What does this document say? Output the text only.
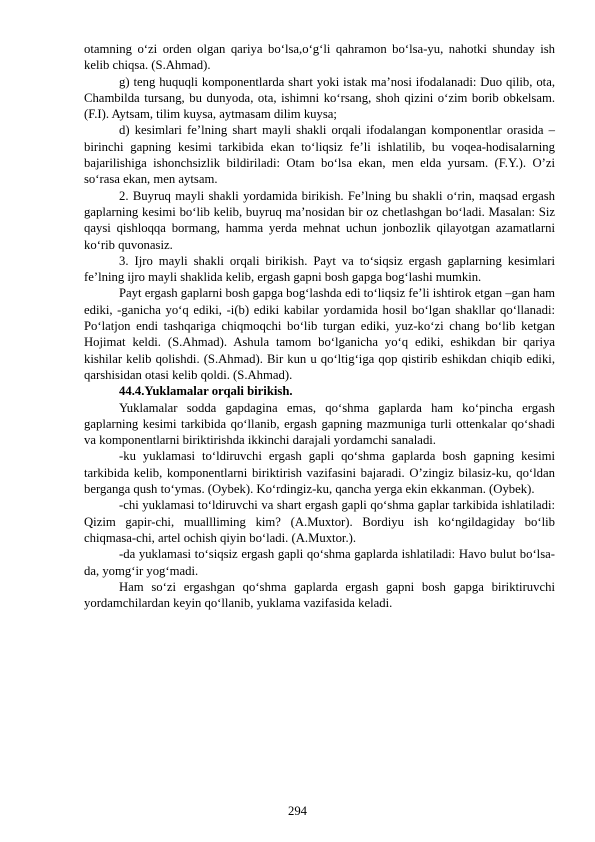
otamning o‘zi orden olgan qariya bo‘lsa,o‘g‘li qahramon bo‘lsa-yu, nahotki shunday ish kelib chiqsa. (S.Ahmad).

g) teng huquqli komponentlarda shart yoki istak ma’nosi ifodalanadi: Duo qilib, ota, Chambilda tursang, bu dunyoda, ota, ishimni ko‘rsang, shoh qizini o‘zim borib obkelsam. (F.I). Aytsam, tilim kuysa, aytmasam dilim kuysa;

d) kesimlari fe’lning shart mayli shakli orqali ifodalangan komponentlar orasida – birinchi gapning kesimi tarkibida ekan to‘liqsiz fe’li ishlatilib, bu voqea-hodisalarning bajarilishiga ishonchsizlik bildiriladi: Otam bo‘lsa ekan, men elda yursam. (F.Y.). O’zi so‘rasa ekan, men aytsam.

2. Buyruq mayli shakli yordamida birikish. Fe’lning bu shakli o‘rin, maqsad ergash gaplarning kesimi bo‘lib kelib, buyruq ma’nosidan bir oz chetlashgan bo‘ladi. Masalan: Siz qaysi qishloqqa bormang, hamma yerda mehnat uchun jonbozlik qilayotgan azamatlarni ko‘rib quvonasiz.

3. Ijro mayli shakli orqali birikish. Payt va to‘siqsiz ergash gaplarning kesimlari fe’lning ijro mayli shaklida kelib, ergash gapni bosh gapga bog‘lashi mumkin.

Payt ergash gaplarni bosh gapga bog‘lashda edi to‘liqsiz fe’li ishtirok etgan –gan ham ediki, -ganicha yo‘q ediki, -i(b) ediki kabilar yordamida hosil bo‘lgan shakllar qo‘llanadi: Po‘latjon endi tashqariga chiqmoqchi bo‘lib turgan ediki, yuz-ko‘zi chang bo‘lib ketgan Hojimat keldi. (S.Ahmad). Ashula tamom bo‘lganicha yo‘q ediki, eshikdan bir qariya kishilar kelib qolishdi. (S.Ahmad). Bir kun u qo‘ltig‘iga qop qistirib eshikdan chiqib ediki, qarshisidan otasi kelib qoldi. (S.Ahmad).

44.4.Yuklamalar orqali birikish.

Yuklamalar sodda gapdagina emas, qo‘shma gaplarda ham ko‘pincha ergash gaplarning kesimi tarkibida qo‘llanib, ergash gapning mazmuniga turli ottenkalar qo‘shadi va komponentlarni biriktirishda ikkinchi darajali yordamchi sanaladi.

-ku yuklamasi to‘ldiruvchi ergash gapli qo‘shma gaplarda bosh gapning kesimi tarkibida kelib, komponentlarni biriktirish vazifasini bajaradi. O’zingiz bilasiz-ku, qo‘ldan berganga qush to‘ymas. (Oybek). Ko‘rdingiz-ku, qancha yerga ekin ekkanman. (Oybek).

-chi yuklamasi to‘ldiruvchi va shart ergash gapli qo‘shma gaplar tarkibida ishlatiladi: Qizim gapir-chi, muallliming kim? (A.Muxtor). Bordiyu ish ko‘ngildagiday bo‘lib chiqmasa-chi, artel ochish qiyin bo‘ladi. (A.Muxtor.).

-da yuklamasi to‘siqsiz ergash gapli qo‘shma gaplarda ishlatiladi: Havo bulut bo‘lsa-da, yomg‘ir yog‘madi.

Ham so‘zi ergashgan qo‘shma gaplarda ergash gapni bosh gapga biriktiruvchi yordamchilardan keyin qo‘llanib, yuklama vazifasida keladi.

294
